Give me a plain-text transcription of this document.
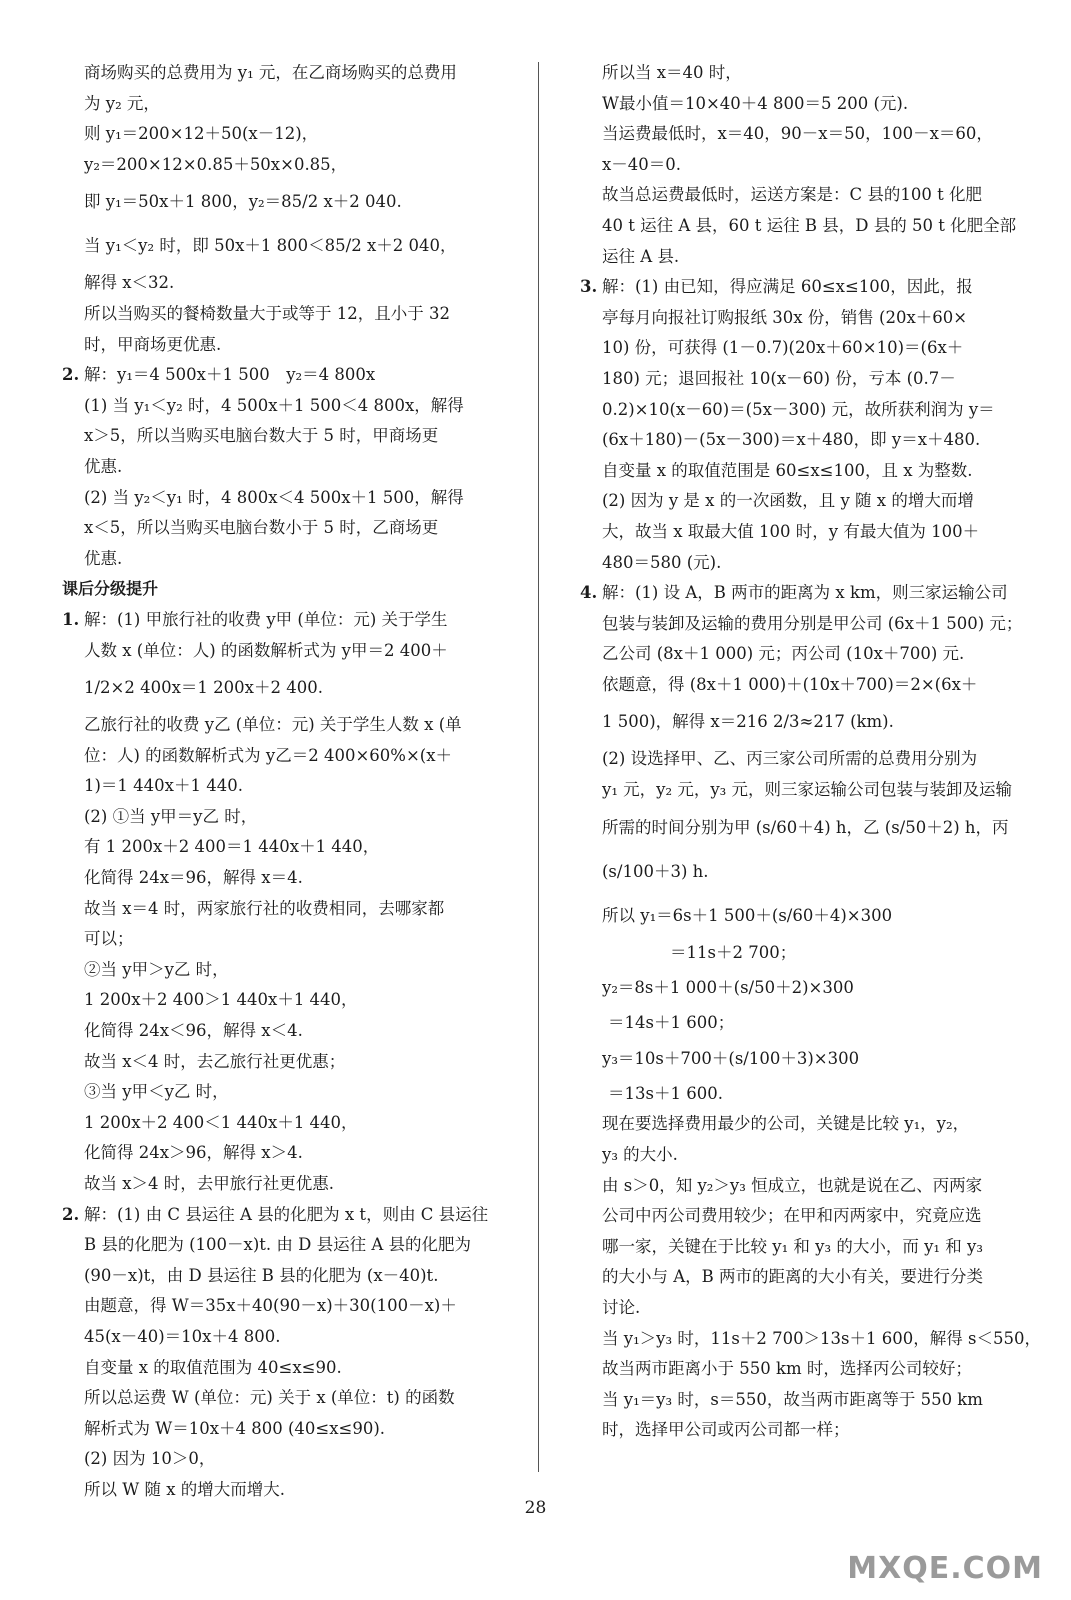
商场购买的总费用为 y₁ 元，在乙商场购买的总费用
为 y₂ 元，
则 y₁＝200×12＋50(x－12)，
y₂＝200×12×0.85＋50x×0.85，
即 y₁＝50x＋1 800，y₂＝85/2 x＋2 040.
当 y₁＜y₂ 时，即 50x＋1 800＜85/2 x＋2 040，
解得 x＜32.
所以当购买的餐椅数量大于或等于 12，且小于 32
时，甲商场更优惠.
2. 解：y₁＝4 500x＋1 500　y₂＝4 800x
(1) 当 y₁＜y₂ 时，4 500x＋1 500＜4 800x，解得
x＞5，所以当购买电脑台数大于 5 时，甲商场更
优惠.
(2) 当 y₂＜y₁ 时，4 800x＜4 500x＋1 500，解得
x＜5，所以当购买电脑台数小于 5 时，乙商场更
优惠.
课后分级提升
1. 解：(1) 甲旅行社的收费 y甲 (单位：元) 关于学生
人数 x (单位：人) 的函数解析式为 y甲＝2 400＋
1/2×2 400x＝1 200x＋2 400.
乙旅行社的收费 y乙 (单位：元) 关于学生人数 x (单
位：人) 的函数解析式为 y乙＝2 400×60%×(x＋
1)＝1 440x＋1 440.
(2) ①当 y甲＝y乙 时，
有 1 200x＋2 400＝1 440x＋1 440，
化简得 24x＝96，解得 x＝4.
故当 x＝4 时，两家旅行社的收费相同，去哪家都
可以；
②当 y甲＞y乙 时，
1 200x＋2 400＞1 440x＋1 440，
化简得 24x＜96，解得 x＜4.
故当 x＜4 时，去乙旅行社更优惠；
③当 y甲＜y乙 时，
1 200x＋2 400＜1 440x＋1 440，
化简得 24x＞96，解得 x＞4.
故当 x＞4 时，去甲旅行社更优惠.
2. 解：(1) 由 C 县运往 A 县的化肥为 x t，则由 C 县运往
B 县的化肥为 (100－x)t. 由 D 县运往 A 县的化肥为
(90－x)t，由 D 县运往 B 县的化肥为 (x－40)t.
由题意，得 W＝35x＋40(90－x)＋30(100－x)＋
45(x－40)＝10x＋4 800.
自变量 x 的取值范围为 40≤x≤90.
所以总运费 W (单位：元) 关于 x (单位：t) 的函数
解析式为 W＝10x＋4 800 (40≤x≤90).
(2) 因为 10＞0，
所以 W 随 x 的增大而增大.
所以当 x＝40 时，
W最小值＝10×40＋4 800＝5 200 (元).
当运费最低时，x＝40，90－x＝50，100－x＝60，
x－40＝0.
故当总运费最低时，运送方案是：C 县的100 t 化肥
40 t 运往 A 县，60 t 运往 B 县，D 县的 50 t 化肥全部
运往 A 县.
3. 解：(1) 由已知，得应满足 60≤x≤100，因此，报
亭每月向报社订购报纸 30x 份，销售 (20x＋60×
10) 份，可获得 (1－0.7)(20x＋60×10)＝(6x＋
180) 元；退回报社 10(x－60) 份，亏本 (0.7－
0.2)×10(x－60)＝(5x－300) 元，故所获利润为 y＝
(6x＋180)－(5x－300)＝x＋480，即 y＝x＋480.
自变量 x 的取值范围是 60≤x≤100，且 x 为整数.
(2) 因为 y 是 x 的一次函数，且 y 随 x 的增大而增
大，故当 x 取最大值 100 时，y 有最大值为 100＋
480＝580 (元).
4. 解：(1) 设 A，B 两市的距离为 x km，则三家运输公司
包装与装卸及运输的费用分别是甲公司 (6x＋1 500) 元；
乙公司 (8x＋1 000) 元；丙公司 (10x＋700) 元.
依题意，得 (8x＋1 000)＋(10x＋700)＝2×(6x＋
1 500)，解得 x＝216 2/3≈217 (km).
(2) 设选择甲、乙、丙三家公司所需的总费用分别为
y₁ 元，y₂ 元，y₃ 元，则三家运输公司包装与装卸及运输
所需的时间分别为甲 (s/60＋4) h，乙 (s/50＋2) h，丙
(s/100＋3) h.
所以 y₁＝6s＋1 500＋(s/60＋4)×300
＝11s＋2 700；
y₂＝8s＋1 000＋(s/50＋2)×300
＝14s＋1 600；
y₃＝10s＋700＋(s/100＋3)×300
＝13s＋1 600.
现在要选择费用最少的公司，关键是比较 y₁，y₂，
y₃ 的大小.
由 s＞0，知 y₂＞y₃ 恒成立，也就是说在乙、丙两家
公司中丙公司费用较少；在甲和丙两家中，究竟应选
哪一家，关键在于比较 y₁ 和 y₃ 的大小，而 y₁ 和 y₃
的大小与 A，B 两市的距离的大小有关，要进行分类
讨论.
当 y₁＞y₃ 时，11s＋2 700＞13s＋1 600，解得 s＜550，
故当两市距离小于 550 km 时，选择丙公司较好；
当 y₁＝y₃ 时，s＝550，故当两市距离等于 550 km
时，选择甲公司或丙公司都一样；
28
MXQE.COM
